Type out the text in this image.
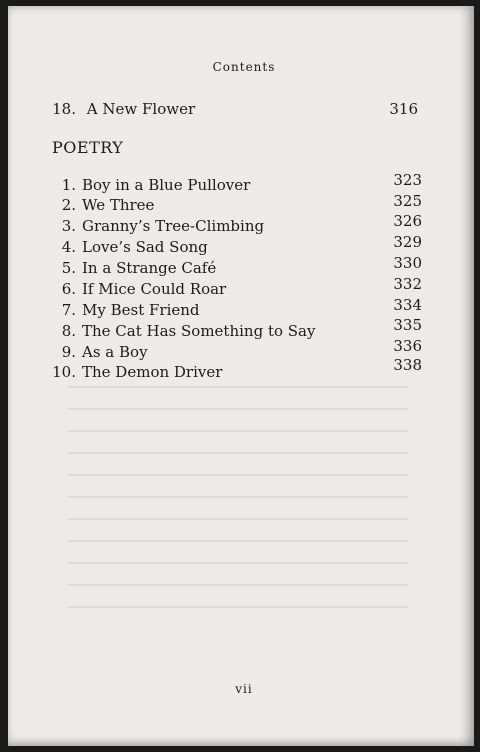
Contents
18. A New Flower	316
POETRY
1. Boy in a Blue Pullover	323
2. We Three	325
3. Granny’s Tree-Climbing	326
4. Love’s Sad Song	329
5. In a Strange Café	330
6. If Mice Could Roar	332
7. My Best Friend	334
8. The Cat Has Something to Say	335
9. As a Boy	336
10. The Demon Driver	338
vii
